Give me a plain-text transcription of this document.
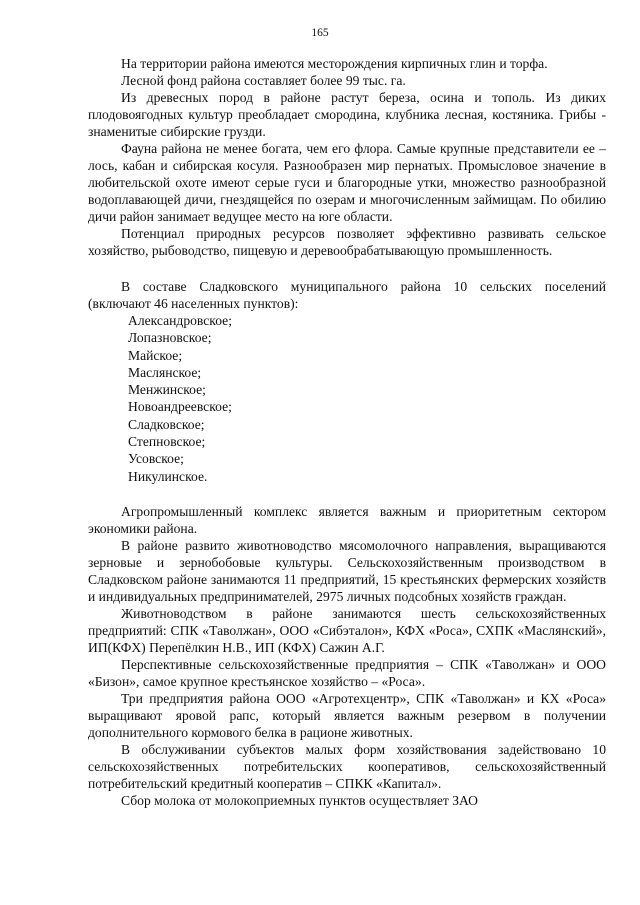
165

На территории района имеются месторождения кирпичных глин и торфа.

Лесной фонд района составляет более 99 тыс. га.

Из древесных пород в районе растут береза, осина и тополь. Из диких плодовоягодных культур преобладает смородина, клубника лесная, костяника. Грибы - знаменитые сибирские грузди.

Фауна района не менее богата, чем его флора. Самые крупные представители ее – лось, кабан и сибирская косуля. Разнообразен мир пернатых. Промысловое значение в любительской охоте имеют серые гуси и благородные утки, множество разнообразной водоплавающей дичи, гнездящейся по озерам и многочисленным займищам. По обилию дичи район занимает ведущее место на юге области.

Потенциал природных ресурсов позволяет эффективно развивать сельское хозяйство, рыбоводство, пищевую и деревообрабатывающую промышленность.

В составе Сладковского муниципального района 10 сельских поселений (включают 46 населенных пунктов):

Александровское;
Лопазновское;
Майское;
Маслянское;
Менжинское;
Новоандреевское;
Сладковское;
Степновское;
Усовское;
Никулинское.

Агропромышленный комплекс является важным и приоритетным сектором экономики района.

В районе развито животноводство мясомолочного направления, выращиваются зерновые и зернобобовые культуры. Сельскохозяйственным производством в Сладковском районе занимаются 11 предприятий, 15 крестьянских фермерских хозяйств и индивидуальных предпринимателей, 2975 личных подсобных хозяйств граждан.

Животноводством в районе занимаются шесть сельскохозяйственных предприятий: СПК «Таволжан», ООО «Сибэталон», КФХ «Роса», СХПК «Маслянский», ИП(КФХ) Перепёлкин Н.В., ИП (КФХ) Сажин А.Г.

Перспективные сельскохозяйственные предприятия – СПК «Таволжан» и ООО «Бизон», самое крупное крестьянское хозяйство – «Роса».

Три предприятия района ООО «Агротехцентр», СПК «Таволжан» и КХ «Роса» выращивают яровой рапс, который является важным резервом в получении дополнительного кормового белка в рационе животных.

В обслуживании субъектов малых форм хозяйствования задействовано 10 сельскохозяйственных потребительских кооперативов, сельскохозяйственный потребительский кредитный кооператив – СПКК «Капитал».

Сбор молока от молокоприемных пунктов осуществляет ЗАО
